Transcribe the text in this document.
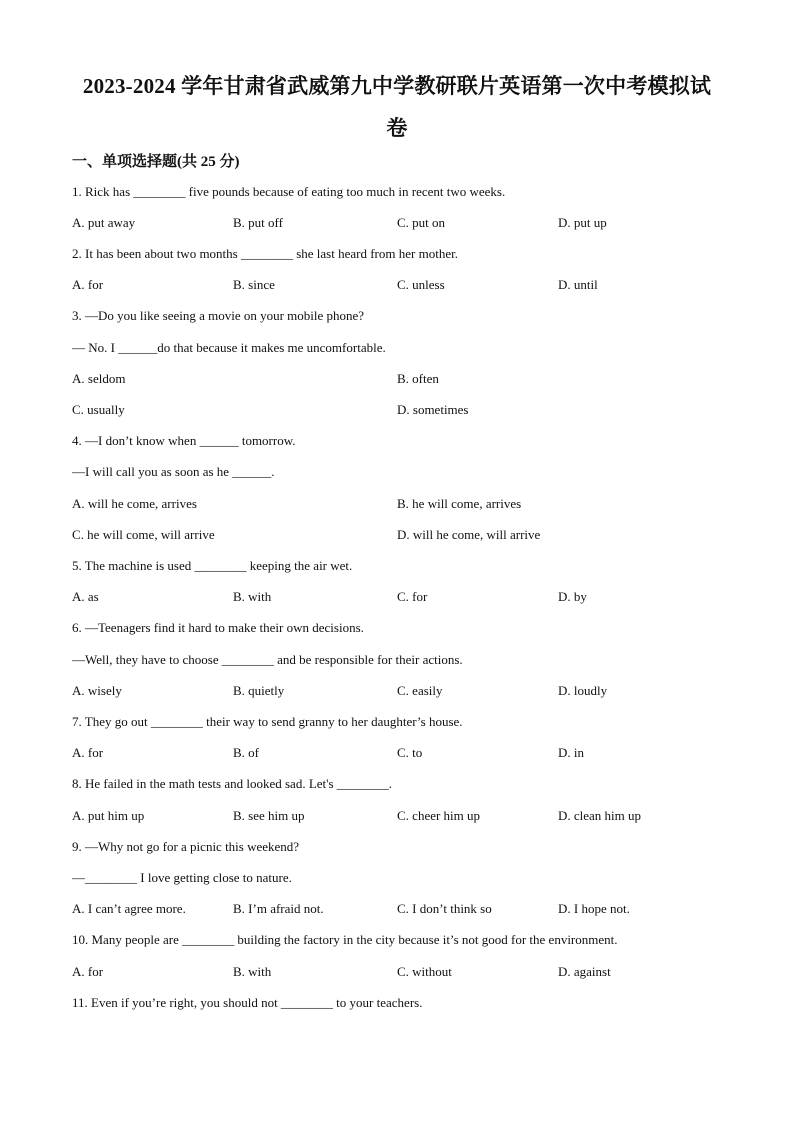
2023-2024 学年甘肃省武威第九中学教研联片英语第一次中考模拟试
卷
一、单项选择题(共 25 分)
1. Rick has ________ five pounds because of eating too much in recent two weeks.
A. put away	B. put off	C. put on	D. put up
2. It has been about two months ________ she last heard from her mother.
A. for	B. since	C. unless	D. until
3. —Do you like seeing a movie on your mobile phone?
— No. I ______do that because it makes me uncomfortable.
A. seldom	B. often
C. usually	D. sometimes
4. —I don’t know when ______ tomorrow.
—I will call you as soon as he ______.
A. will he come, arrives	B. he will come, arrives
C. he will come, will arrive	D. will he come, will arrive
5. The machine is used ________ keeping the air wet.
A. as	B. with	C. for	D. by
6. —Teenagers find it hard to make their own decisions.
—Well, they have to choose ________ and be responsible for their actions.
A. wisely	B. quietly	C. easily	D. loudly
7. They go out ________ their way to send granny to her daughter’s house.
A. for	B. of	C. to	D. in
8. He failed in the math tests and looked sad. Let's ________.
A. put him up	B. see him up	C. cheer him up	D. clean him up
9. —Why not go for a picnic this weekend?
—________ I love getting close to nature.
A. I can’t agree more.	B. I’m afraid not.	C. I don’t think so	D. I hope not.
10. Many people are ________ building the factory in the city because it’s not good for the environment.
A. for	B. with	C. without	D. against
11. Even if you’re right, you should not ________ to your teachers.
